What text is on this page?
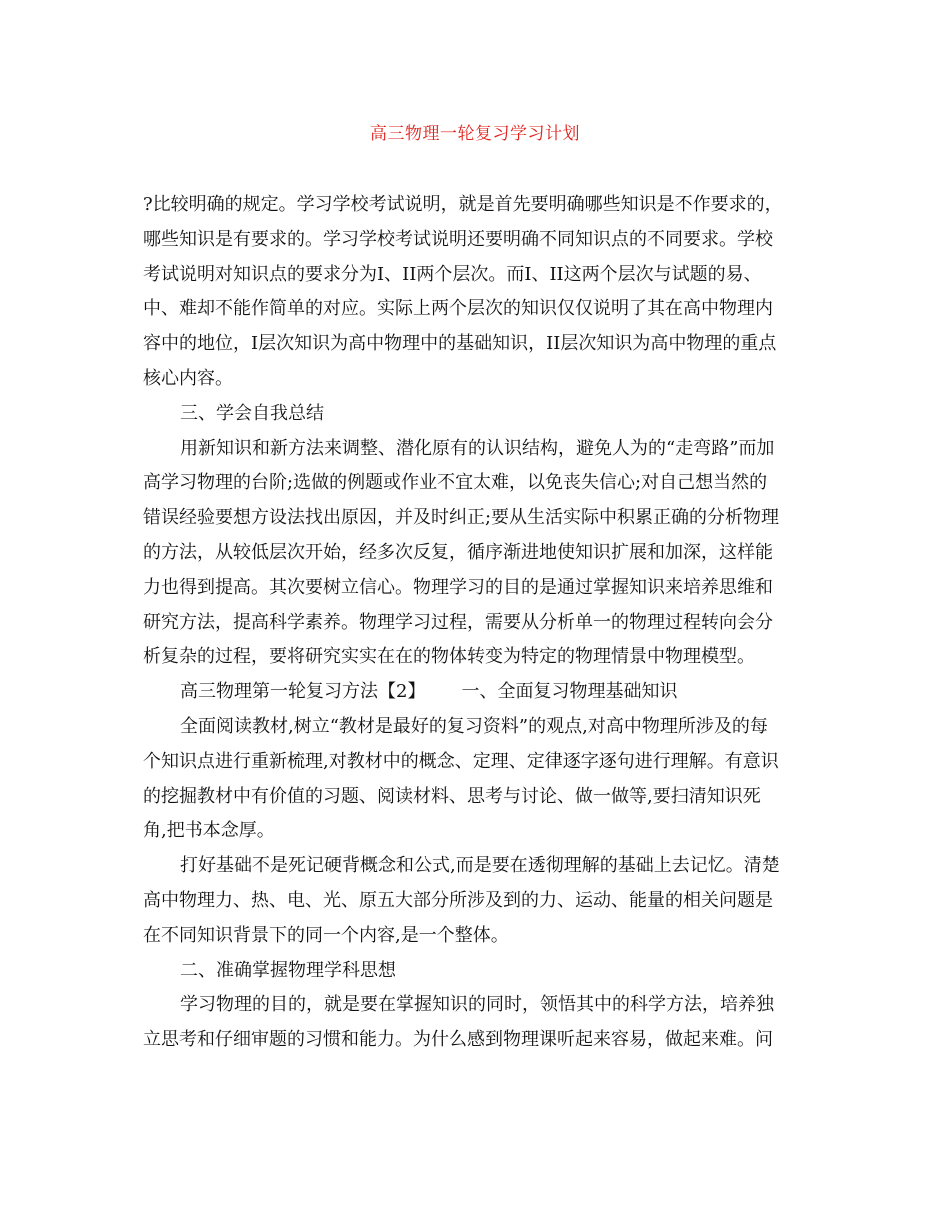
高三物理一轮复习学习计划
?比较明确的规定。学习学校考试说明，就是首先要明确哪些知识是不作要求的，
哪些知识是有要求的。学习学校考试说明还要明确不同知识点的不同要求。学校
考试说明对知识点的要求分为I、II两个层次。而I、II这两个层次与试题的易、
中、难却不能作简单的对应。实际上两个层次的知识仅仅说明了其在高中物理内
容中的地位，I层次知识为高中物理中的基础知识，II层次知识为高中物理的重点
核心内容。
三、学会自我总结
用新知识和新方法来调整、潜化原有的认识结构，避免人为的“走弯路”而加
高学习物理的台阶;选做的例题或作业不宜太难，以免丧失信心;对自己想当然的
错误经验要想方设法找出原因，并及时纠正;要从生活实际中积累正确的分析物理
的方法，从较低层次开始，经多次反复，循序渐进地使知识扩展和加深，这样能
力也得到提高。其次要树立信心。物理学习的目的是通过掌握知识来培养思维和
研究方法，提高科学素养。物理学习过程，需要从分析单一的物理过程转向会分
析复杂的过程，要将研究实实在在的物体转变为特定的物理情景中物理模型。
高三物理第一轮复习方法【2】 一、全面复习物理基础知识
全面阅读教材,树立“教材是最好的复习资料”的观点,对高中物理所涉及的每
个知识点进行重新梳理,对教材中的概念、定理、定律逐字逐句进行理解。有意识
的挖掘教材中有价值的习题、阅读材料、思考与讨论、做一做等,要扫清知识死
角,把书本念厚。
打好基础不是死记硬背概念和公式,而是要在透彻理解的基础上去记忆。清楚
高中物理力、热、电、光、原五大部分所涉及到的力、运动、能量的相关问题是
在不同知识背景下的同一个内容,是一个整体。
二、准确掌握物理学科思想
学习物理的目的，就是要在掌握知识的同时，领悟其中的科学方法，培养独
立思考和仔细审题的习惯和能力。为什么感到物理课听起来容易，做起来难。问
